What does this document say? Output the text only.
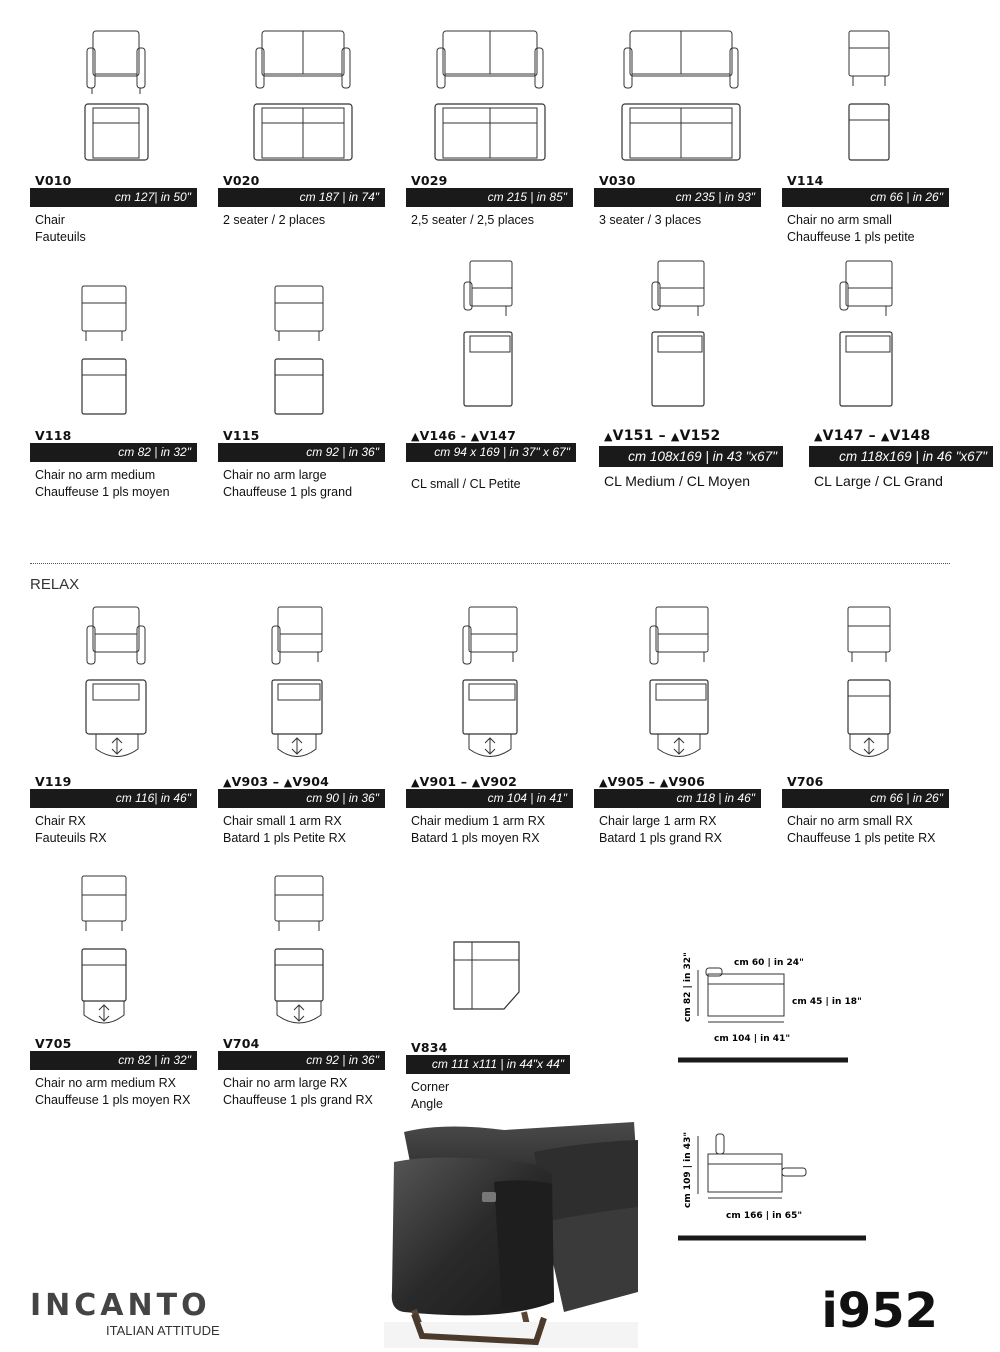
V010
cm 127| in 50"
Chair
Fauteuils
V020
cm 187 | in 74"
2 seater / 2 places
V029
cm 215 | in 85"
2,5 seater / 2,5 places
V030
cm 235 | in 93"
3 seater / 3 places
V114
cm 66 | in 26"
Chair no arm small
Chauffeuse 1 pls petite
V118
cm 82 | in 32"
Chair no arm medium
Chauffeuse 1 pls moyen
V115
cm 92 | in 36"
Chair no arm large
Chauffeuse 1 pls grand
▲V146 - ▲V147
cm 94 x 169 | in 37" x 67"
CL small / CL Petite
▲V151 – ▲V152
cm 108x169 | in 43 "x67"
CL Medium / CL Moyen
▲V147 – ▲V148
cm 118x169 | in 46 "x67"
CL Large / CL Grand
RELAX
V119
cm 116| in 46"
Chair RX
Fauteuils RX
▲V903 – ▲V904
cm 90 | in 36"
Chair small 1 arm RX
Batard 1 pls Petite RX
▲V901 – ▲V902
cm 104 | in 41"
Chair medium 1 arm RX
Batard 1 pls moyen RX
▲V905 – ▲V906
cm 118 | in 46"
Chair large 1 arm RX
Batard 1 pls grand RX
V706
cm 66 | in 26"
Chair no arm small RX
Chauffeuse 1 pls petite RX
V705
cm 82 | in 32"
Chair no arm medium RX
Chauffeuse 1 pls moyen RX
V704
cm 92 | in 36"
Chair no arm large RX
Chauffeuse 1 pls grand RX
V834
cm 111 x111 | in 44"x 44"
Corner
Angle
cm 60 | in 24"
cm 82 | in 32"	cm 45 | in 18"
cm 104 | in 41"
cm 109 | in 43"
cm 166 | in 65"
INCANTO
ITALIAN ATTITUDE	i952
